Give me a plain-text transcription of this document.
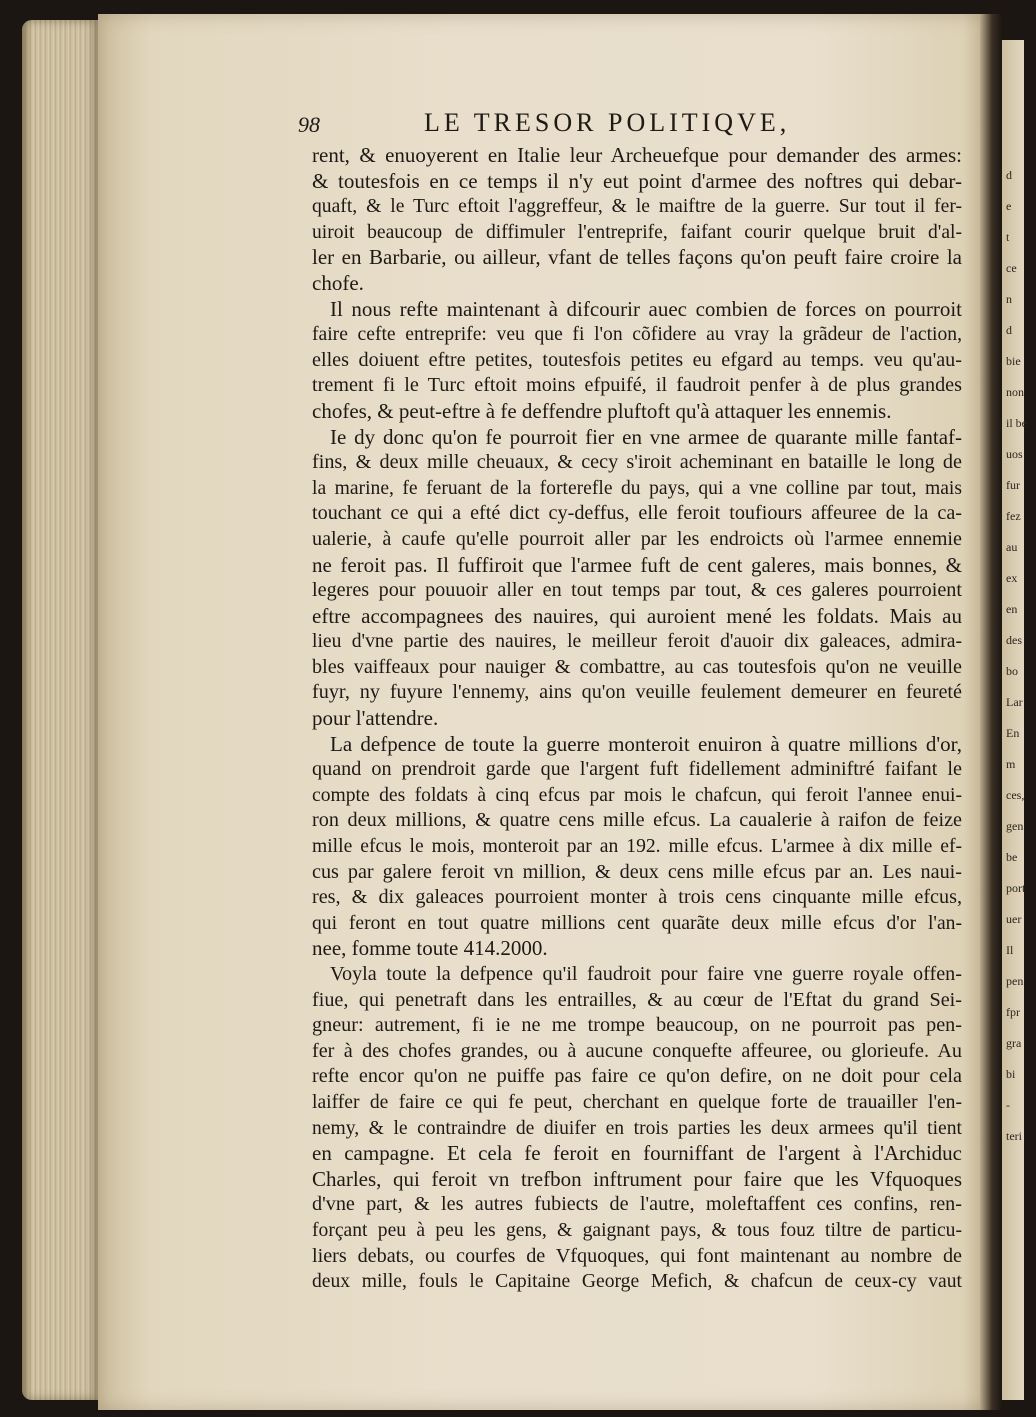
d
e
t
ce
n
d
bie
non
il be
uos
fur
fez
au
ex
en
des
bo
Lar
En
m
ces,
gen
be
port
uer
Il
pen
fpr
gra
bi
-
teri

98	LE TRESOR POLITIQVE,
rent, & enuoyerent en Italie leur Archeuefque pour demander des armes:
& toutesfois en ce temps il n'y eut point d'armee des noftres qui debar-
quaft, & le Turc eftoit l'aggreffeur, & le maiftre de la guerre. Sur tout il fer-
uiroit beaucoup de diffimuler l'entreprife, faifant courir quelque bruit d'al-
ler en Barbarie, ou ailleur, vfant de telles façons qu'on peuft faire croire la
chofe.
Il nous refte maintenant à difcourir auec combien de forces on pourroit
faire cefte entreprife: veu que fi l'on cõfidere au vray la grãdeur de l'action,
elles doiuent eftre petites, toutesfois petites eu efgard au temps. veu qu'au-
trement fi le Turc eftoit moins efpuifé, il faudroit penfer à de plus grandes
chofes, & peut-eftre à fe deffendre pluftoft qu'à attaquer les ennemis.
Ie dy donc qu'on fe pourroit fier en vne armee de quarante mille fantaf-
fins, & deux mille cheuaux, & cecy s'iroit acheminant en bataille le long de
la marine, fe feruant de la forterefle du pays, qui a vne colline par tout, mais
touchant ce qui a efté dict cy-deffus, elle feroit toufiours affeuree de la ca-
ualerie, à caufe qu'elle pourroit aller par les endroicts où l'armee ennemie
ne feroit pas. Il fuffiroit que l'armee fuft de cent galeres, mais bonnes, &
legeres pour pouuoir aller en tout temps par tout, & ces galeres pourroient
eftre accompagnees des nauires, qui auroient mené les foldats. Mais au
lieu d'vne partie des nauires, le meilleur feroit d'auoir dix galeaces, admira-
bles vaiffeaux pour nauiger & combattre, au cas toutesfois qu'on ne veuille
fuyr, ny fuyure l'ennemy, ains qu'on veuille feulement demeurer en feureté
pour l'attendre.
La defpence de toute la guerre monteroit enuiron à quatre millions d'or,
quand on prendroit garde que l'argent fuft fidellement adminiftré faifant le
compte des foldats à cinq efcus par mois le chafcun, qui feroit l'annee enui-
ron deux millions, & quatre cens mille efcus. La caualerie à raifon de feize
mille efcus le mois, monteroit par an 192. mille efcus. L'armee à dix mille ef-
cus par galere feroit vn million, & deux cens mille efcus par an. Les naui-
res, & dix galeaces pourroient monter à trois cens cinquante mille efcus,
qui feront en tout quatre millions cent quarãte deux mille efcus d'or l'an-
nee, fomme toute 414.2000.
Voyla toute la defpence qu'il faudroit pour faire vne guerre royale offen-
fiue, qui penetraft dans les entrailles, & au cœur de l'Eftat du grand Sei-
gneur: autrement, fi ie ne me trompe beaucoup, on ne pourroit pas pen-
fer à des chofes grandes, ou à aucune conquefte affeuree, ou glorieufe. Au
refte encor qu'on ne puiffe pas faire ce qu'on defire, on ne doit pour cela
laiffer de faire ce qui fe peut, cherchant en quelque forte de trauailler l'en-
nemy, & le contraindre de diuifer en trois parties les deux armees qu'il tient
en campagne. Et cela fe feroit en fourniffant de l'argent à l'Archiduc
Charles, qui feroit vn trefbon inftrument pour faire que les Vfquoques
d'vne part, & les autres fubiects de l'autre, moleftaffent ces confins, ren-
forçant peu à peu les gens, & gaignant pays, & tous fouz tiltre de particu-
liers debats, ou courfes de Vfquoques, qui font maintenant au nombre de
deux mille, fouls le Capitaine George Mefich, & chafcun de ceux-cy vaut
